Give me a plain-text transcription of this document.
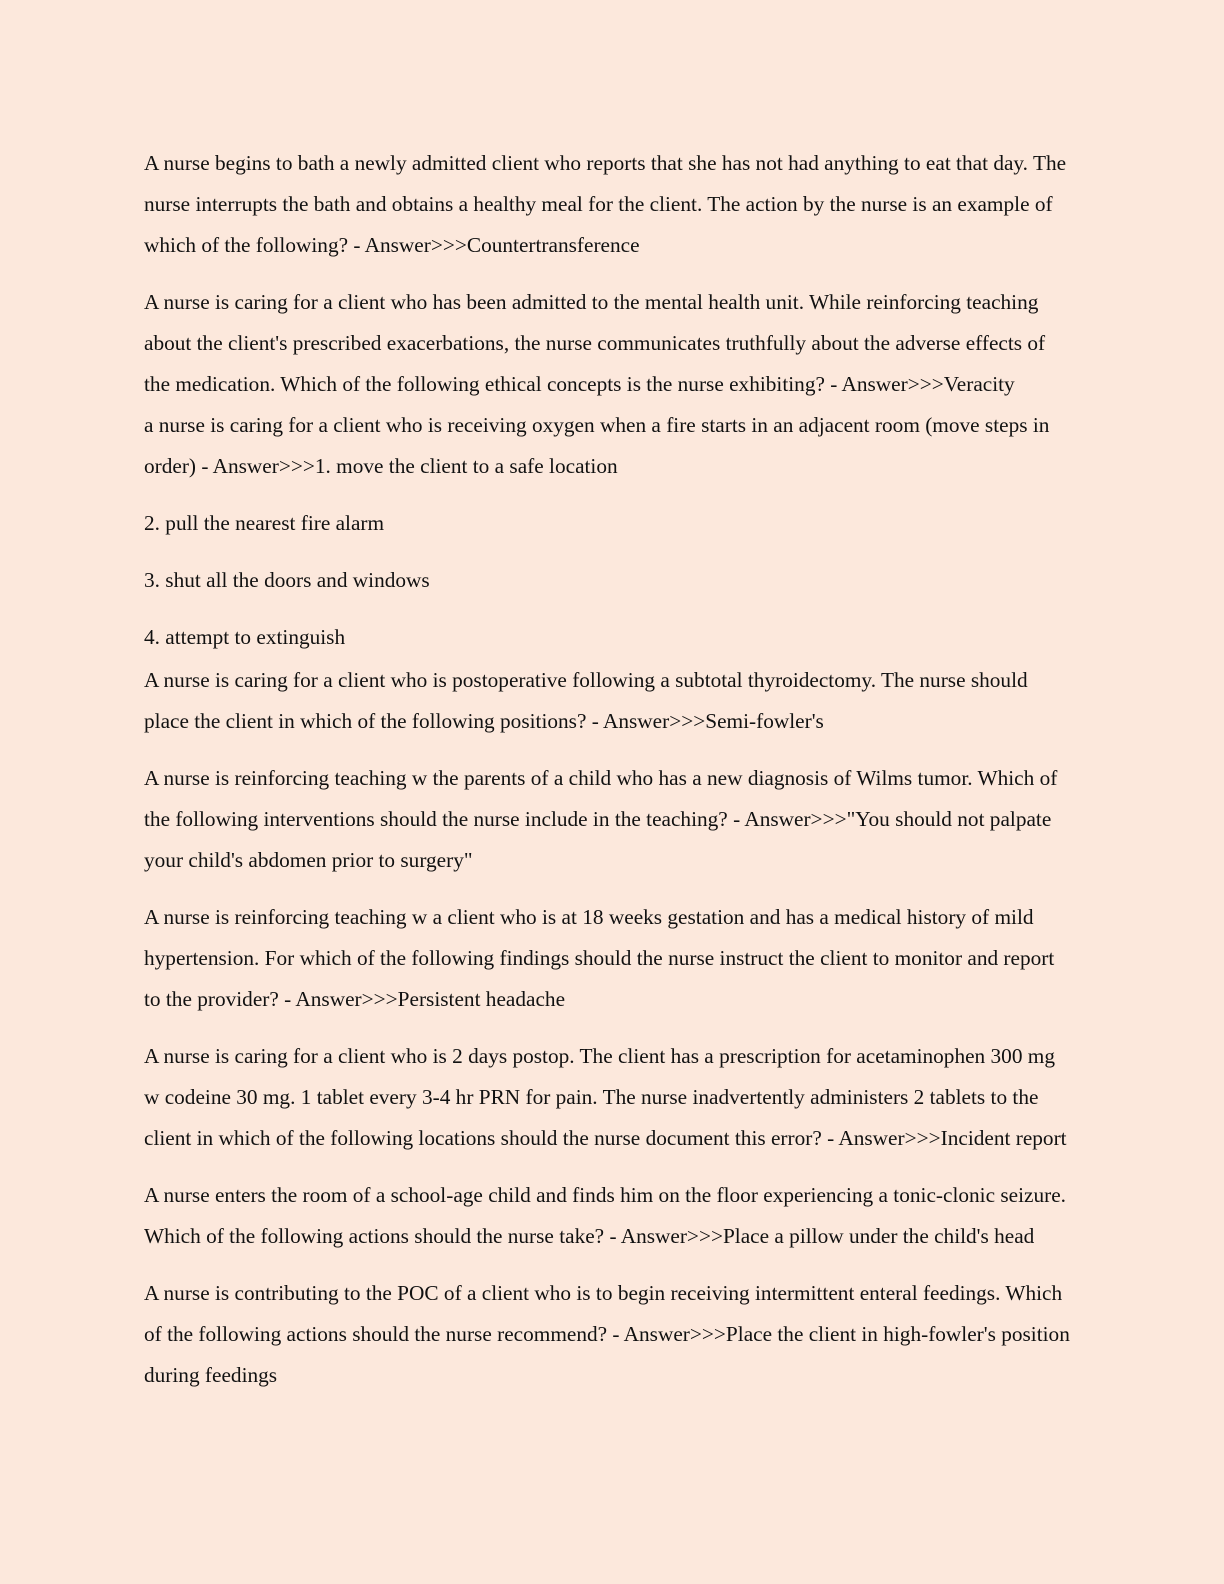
A nurse begins to bath a newly admitted client who reports that she has not had anything to eat that day. The nurse interrupts the bath and obtains a healthy meal for the client. The action by the nurse is an example of which of the following? - Answer>>>Countertransference

A nurse is caring for a client who has been admitted to the mental health unit. While reinforcing teaching about the client's prescribed exacerbations, the nurse communicates truthfully about the adverse effects of the medication. Which of the following ethical concepts is the nurse exhibiting? - Answer>>>Veracity

a nurse is caring for a client who is receiving oxygen when a fire starts in an adjacent room (move steps in order) - Answer>>>1. move the client to a safe location

2. pull the nearest fire alarm

3. shut all the doors and windows

4. attempt to extinguish

A nurse is caring for a client who is postoperative following a subtotal thyroidectomy. The nurse should place the client in which of the following positions? - Answer>>>Semi-fowler's

A nurse is reinforcing teaching w the parents of a child who has a new diagnosis of Wilms tumor. Which of the following interventions should the nurse include in the teaching? - Answer>>>"You should not palpate your child's abdomen prior to surgery"

A nurse is reinforcing teaching w a client who is at 18 weeks gestation and has a medical history of mild hypertension. For which of the following findings should the nurse instruct the client to monitor and report to the provider? - Answer>>>Persistent headache

A nurse is caring for a client who is 2 days postop. The client has a prescription for acetaminophen 300 mg w codeine 30 mg. 1 tablet every 3-4 hr PRN for pain. The nurse inadvertently administers 2 tablets to the client in which of the following locations should the nurse document this error? - Answer>>>Incident report

A nurse enters the room of a school-age child and finds him on the floor experiencing a tonic-clonic seizure. Which of the following actions should the nurse take? - Answer>>>Place a pillow under the child's head

A nurse is contributing to the POC of a client who is to begin receiving intermittent enteral feedings. Which of the following actions should the nurse recommend? - Answer>>>Place the client in high-fowler's position during feedings
